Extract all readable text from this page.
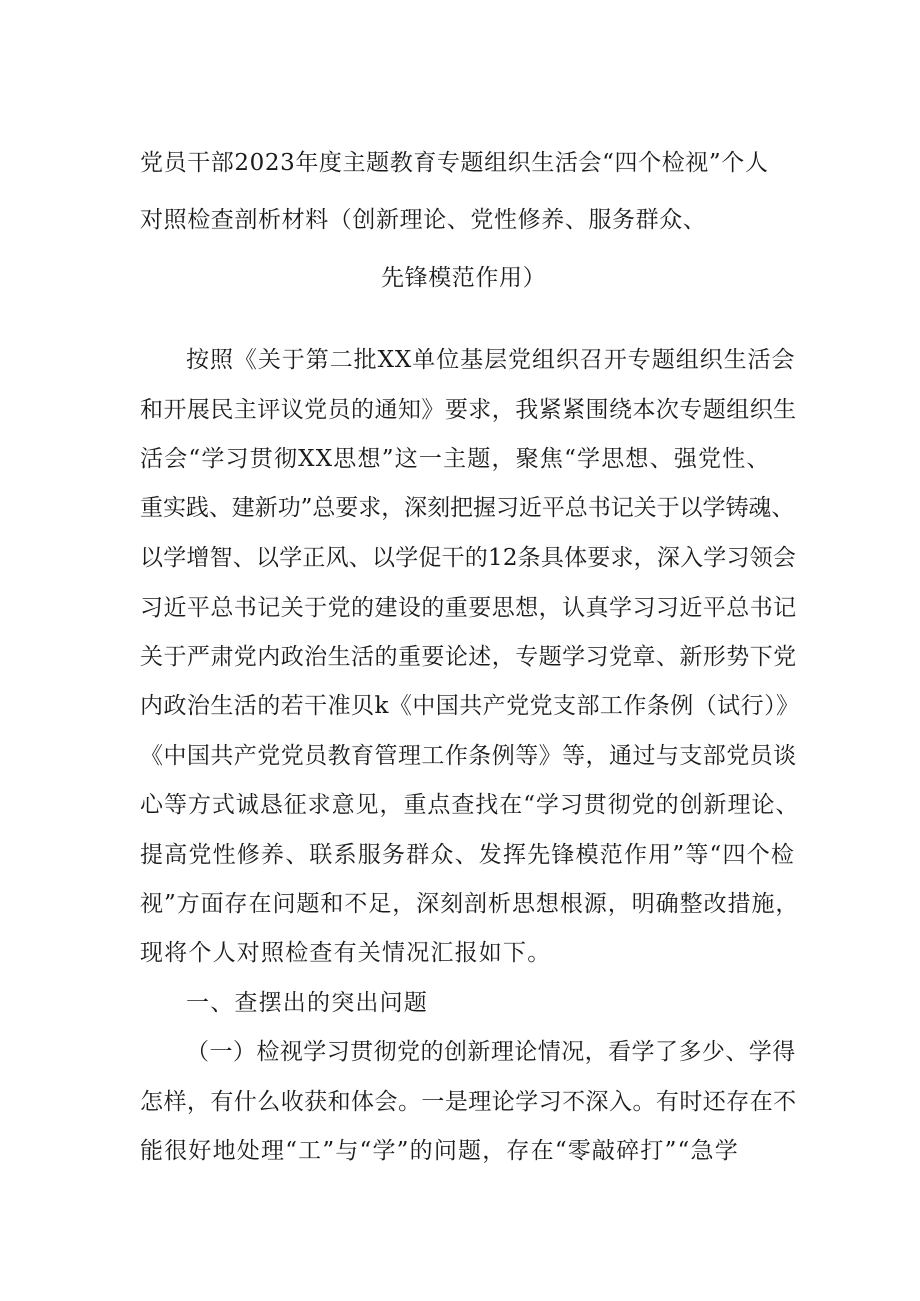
党员干部2023年度主题教育专题组织生活会“四个检视”个人
对照检查剖析材料（创新理论、党性修养、服务群众、
先锋模范作用）
按照《关于第二批XX单位基层党组织召开专题组织生活会
和开展民主评议党员的通知》要求，我紧紧围绕本次专题组织生
活会“学习贯彻XX思想”这一主题，聚焦“学思想、强党性、
重实践、建新功”总要求，深刻把握习近平总书记关于以学铸魂、
以学增智、以学正风、以学促干的12条具体要求，深入学习领会
习近平总书记关于党的建设的重要思想，认真学习习近平总书记
关于严肃党内政治生活的重要论述，专题学习党章、新形势下党
内政治生活的若干准贝k《中国共产党党支部工作条例（试行）》
《中国共产党党员教育管理工作条例等》等，通过与支部党员谈
心等方式诚恳征求意见，重点查找在“学习贯彻党的创新理论、
提高党性修养、联系服务群众、发挥先锋模范作用”等“四个检
视”方面存在问题和不足，深刻剖析思想根源，明确整改措施，
现将个人对照检查有关情况汇报如下。
一、查摆出的突出问题
（一）检视学习贯彻党的创新理论情况，看学了多少、学得
怎样，有什么收获和体会。一是理论学习不深入。有时还存在不
能很好地处理“工”与“学”的问题，存在“零敲碎打”“急学
